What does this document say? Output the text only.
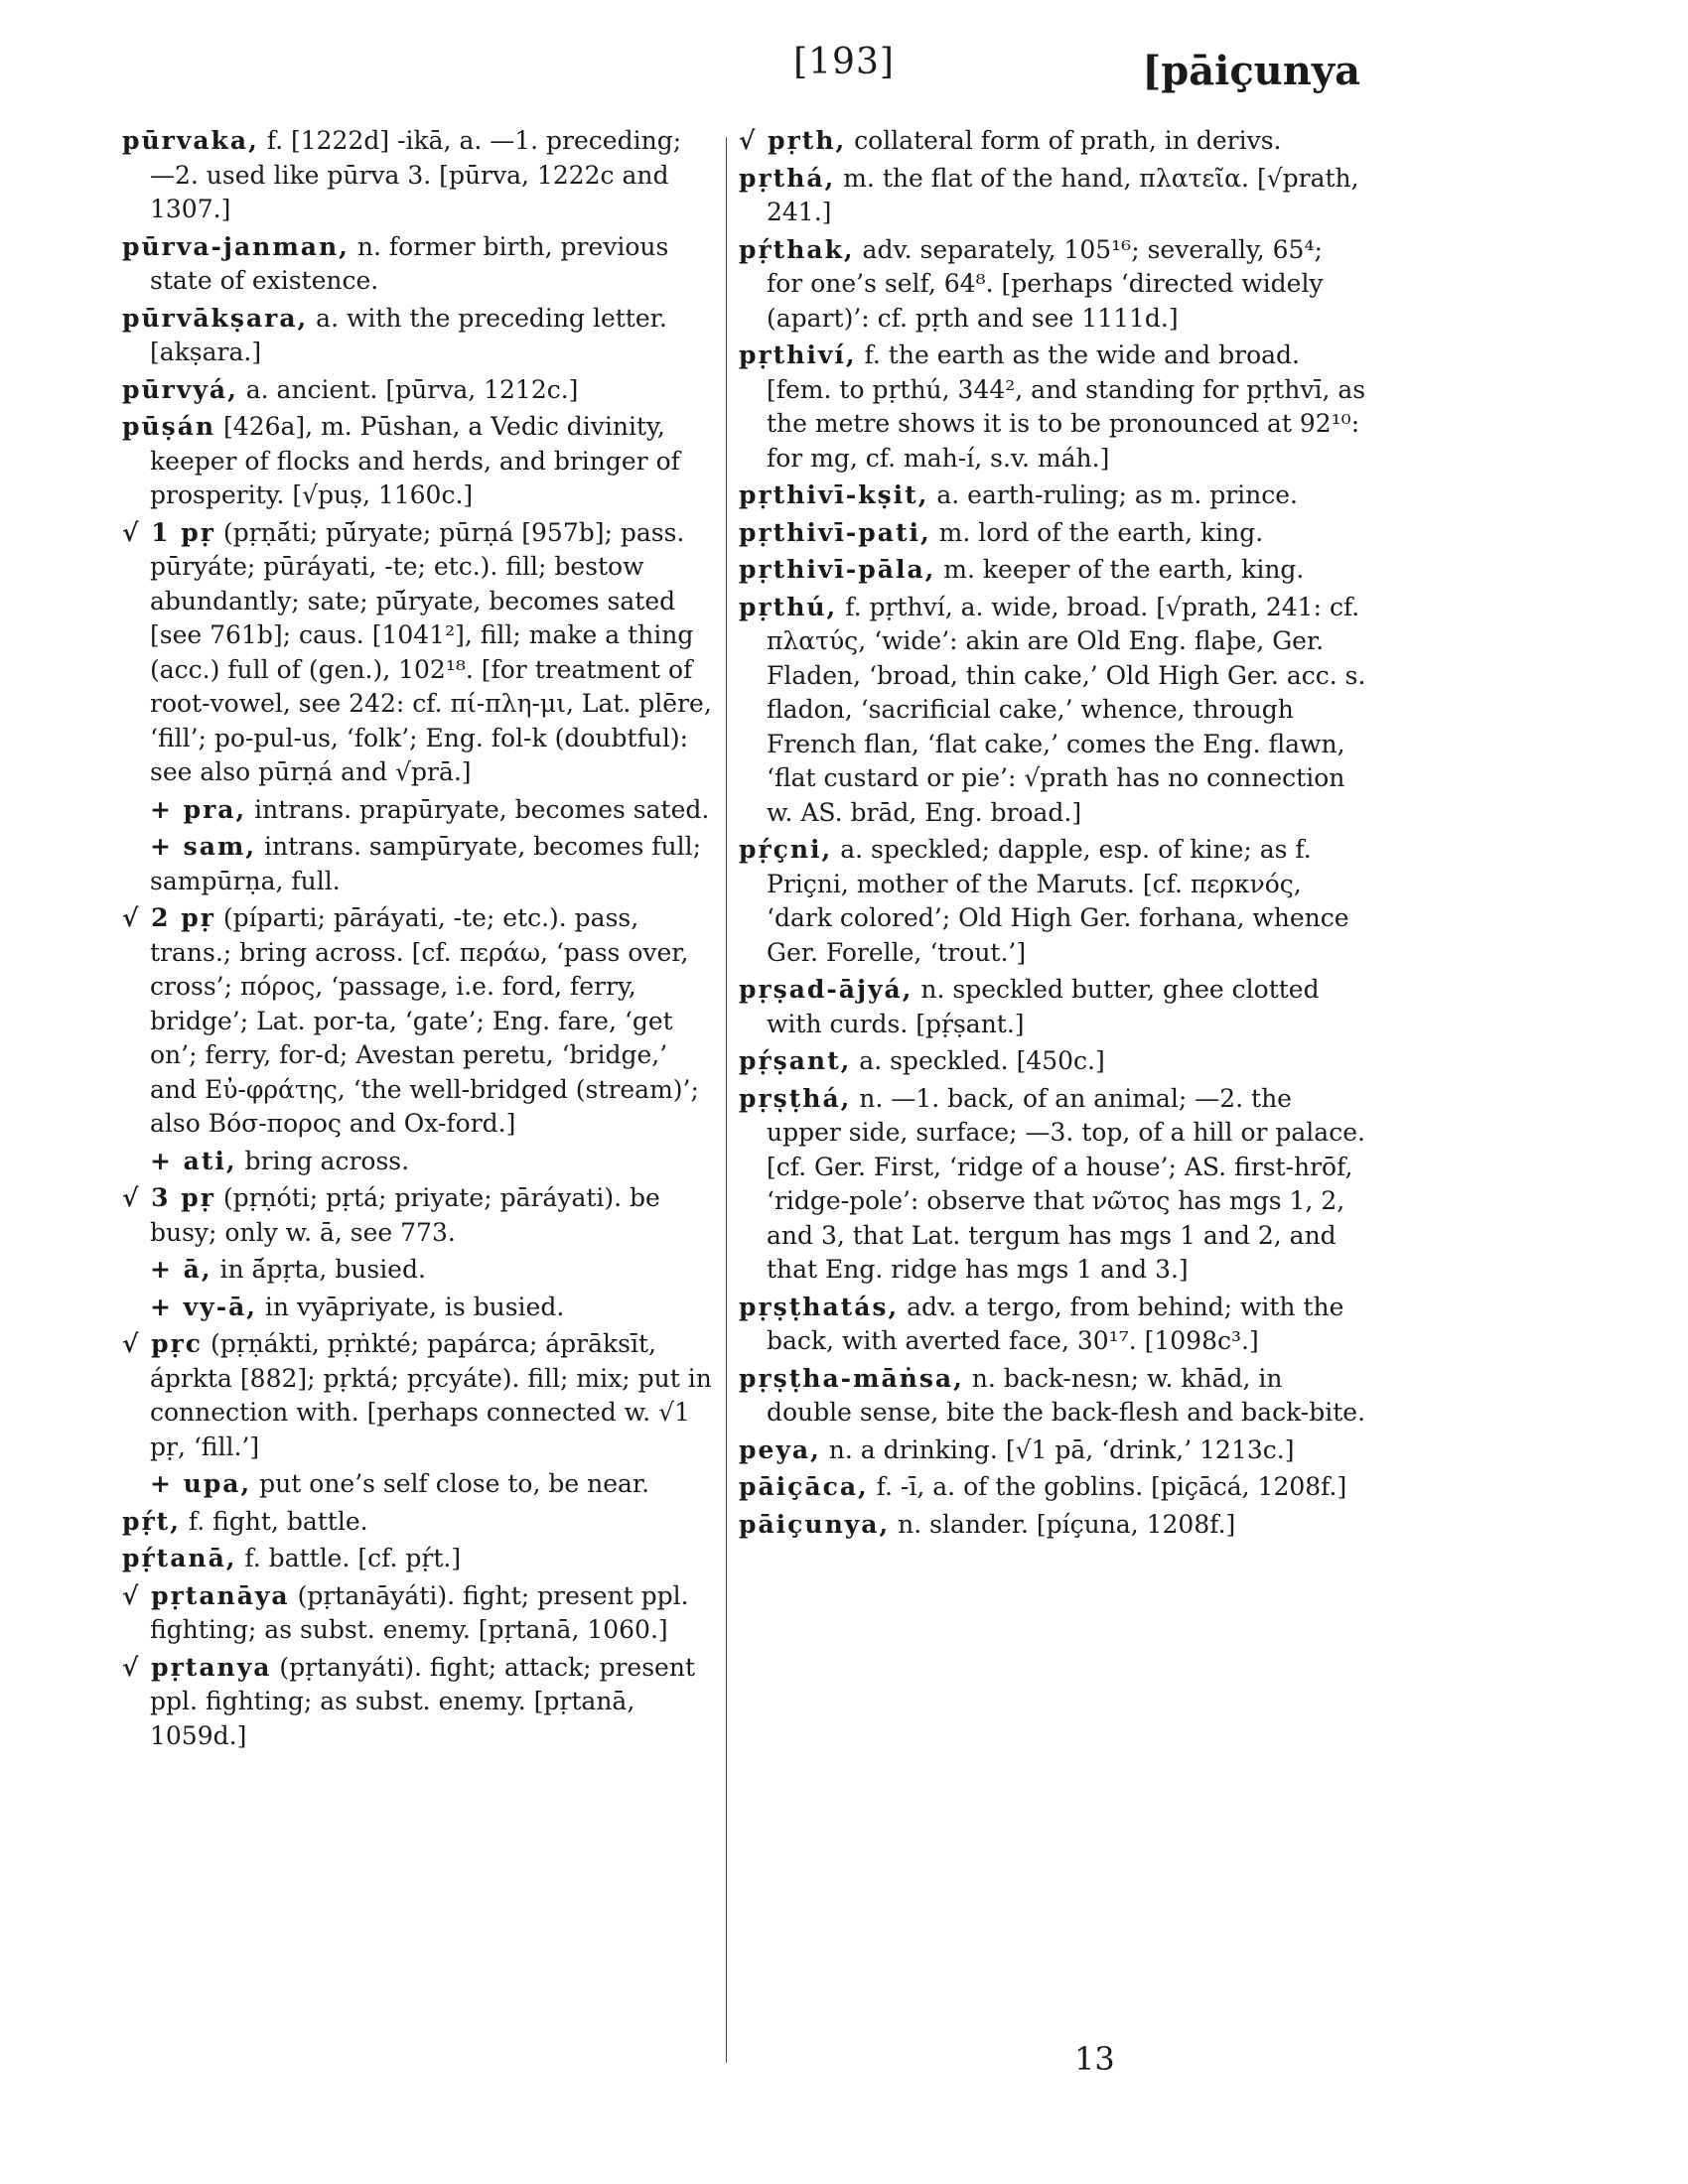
[193]	[pāiçunya

pūrvaka, f. [1222d] -ikā, a. —1. preceding; —2. used like pūrva 3. [pūrva, 1222c and 1307.]

pūrva-janman, n. former birth, previous state of existence.

pūrvākṣara, a. with the preceding letter. [akṣara.]

pūrvyá, a. ancient. [pūrva, 1212c.]

pūṣán [426a], m. Pūshan, a Vedic divinity, keeper of flocks and herds, and bringer of prosperity. [√puṣ, 1160c.]

√ 1 pṛ (pṛṇā́ti; pū́ryate; pūrṇá [957b]; pass. pūryáte; pūráyati, -te; etc.). fill; bestow abundantly; sate; pū́ryate, becomes sated [see 761b]; caus. [1041²], fill; make a thing (acc.) full of (gen.), 102¹⁸. [for treatment of root-vowel, see 242: cf. πί-πλη-μι, Lat. plēre, ‘fill’; po-pul-us, ‘folk’; Eng. fol-k (doubtful): see also pūrṇá and √prā.]

+ pra, intrans. prapūryate, becomes sated.

+ sam, intrans. sampūryate, becomes full; sampūrṇa, full.

√ 2 pṛ (píparti; pāráyati, -te; etc.). pass, trans.; bring across. [cf. περάω, ‘pass over, cross’; πόρος, ‘passage, i.e. ford, ferry, bridge’; Lat. por-ta, ‘gate’; Eng. fare, ‘get on’; ferry, for-d; Avestan peretu, ‘bridge,’ and Εὐ-φράτης, ‘the well-bridged (stream)’; also Βόσ-πορος and Ox-ford.]

+ ati, bring across.

√ 3 pṛ (pṛṇóti; pṛtá; priyate; pāráyati). be busy; only w. ā, see 773.

+ ā, in ā́pṛta, busied.

+ vy-ā, in vyāpriyate, is busied.

√ pṛc (pṛṇákti, pṛṅkté; papárca; áprāksīt, áprkta [882]; pṛktá; pṛcyáte). fill; mix; put in connection with. [perhaps connected w. √1 pṛ, ‘fill.’]

+ upa, put one’s self close to, be near.

pṛ́t, f. fight, battle.

pṛ́tanā, f. battle. [cf. pṛ́t.]

√ pṛtanāya (pṛtanāyáti). fight; present ppl. fighting; as subst. enemy. [pṛtanā, 1060.]

√ pṛtanya (pṛtanyáti). fight; attack; present ppl. fighting; as subst. enemy. [pṛtanā, 1059d.]

√ pṛth, collateral form of prath, in derivs.

pṛthá, m. the flat of the hand, πλατεῖα. [√prath, 241.]

pṛ́thak, adv. separately, 105¹⁶; severally, 65⁴; for one’s self, 64⁸. [perhaps ‘directed widely (apart)’: cf. pṛth and see 1111d.]

pṛthiví, f. the earth as the wide and broad. [fem. to pṛthú, 344², and standing for pṛthvī, as the metre shows it is to be pronounced at 92¹⁰: for mg, cf. mah-í, s.v. máh.]

pṛthivī-kṣit, a. earth-ruling; as m. prince.

pṛthivī-pati, m. lord of the earth, king.

pṛthivī-pāla, m. keeper of the earth, king.

pṛthú, f. pṛthví, a. wide, broad. [√prath, 241: cf. πλατύς, ‘wide’: akin are Old Eng. flaþe, Ger. Fladen, ‘broad, thin cake,’ Old High Ger. acc. s. fladon, ‘sacrificial cake,’ whence, through French flan, ‘flat cake,’ comes the Eng. flawn, ‘flat custard or pie’: √prath has no connection w. AS. brād, Eng. broad.]

pṛ́çni, a. speckled; dapple, esp. of kine; as f. Priçni, mother of the Maruts. [cf. περκνός, ‘dark colored’; Old High Ger. forhana, whence Ger. Forelle, ‘trout.’]

pṛṣad-ājyá, n. speckled butter, ghee clotted with curds. [pṛ́ṣant.]

pṛ́ṣant, a. speckled. [450c.]

pṛṣṭhá, n. —1. back, of an animal; —2. the upper side, surface; —3. top, of a hill or palace. [cf. Ger. First, ‘ridge of a house’; AS. first-hrōf, ‘ridge-pole’: observe that νῶτος has mgs 1, 2, and 3, that Lat. tergum has mgs 1 and 2, and that Eng. ridge has mgs 1 and 3.]

pṛṣṭhatás, adv. a tergo, from behind; with the back, with averted face, 30¹⁷. [1098c³.]

pṛṣṭha-māṅsa, n. back-nesn; w. khād, in double sense, bite the back-flesh and back-bite.

peya, n. a drinking. [√1 pā, ‘drink,’ 1213c.]

pāiçāca, f. -ī, a. of the goblins. [piçācá, 1208f.]

pāiçunya, n. slander. [píçuna, 1208f.]

13
